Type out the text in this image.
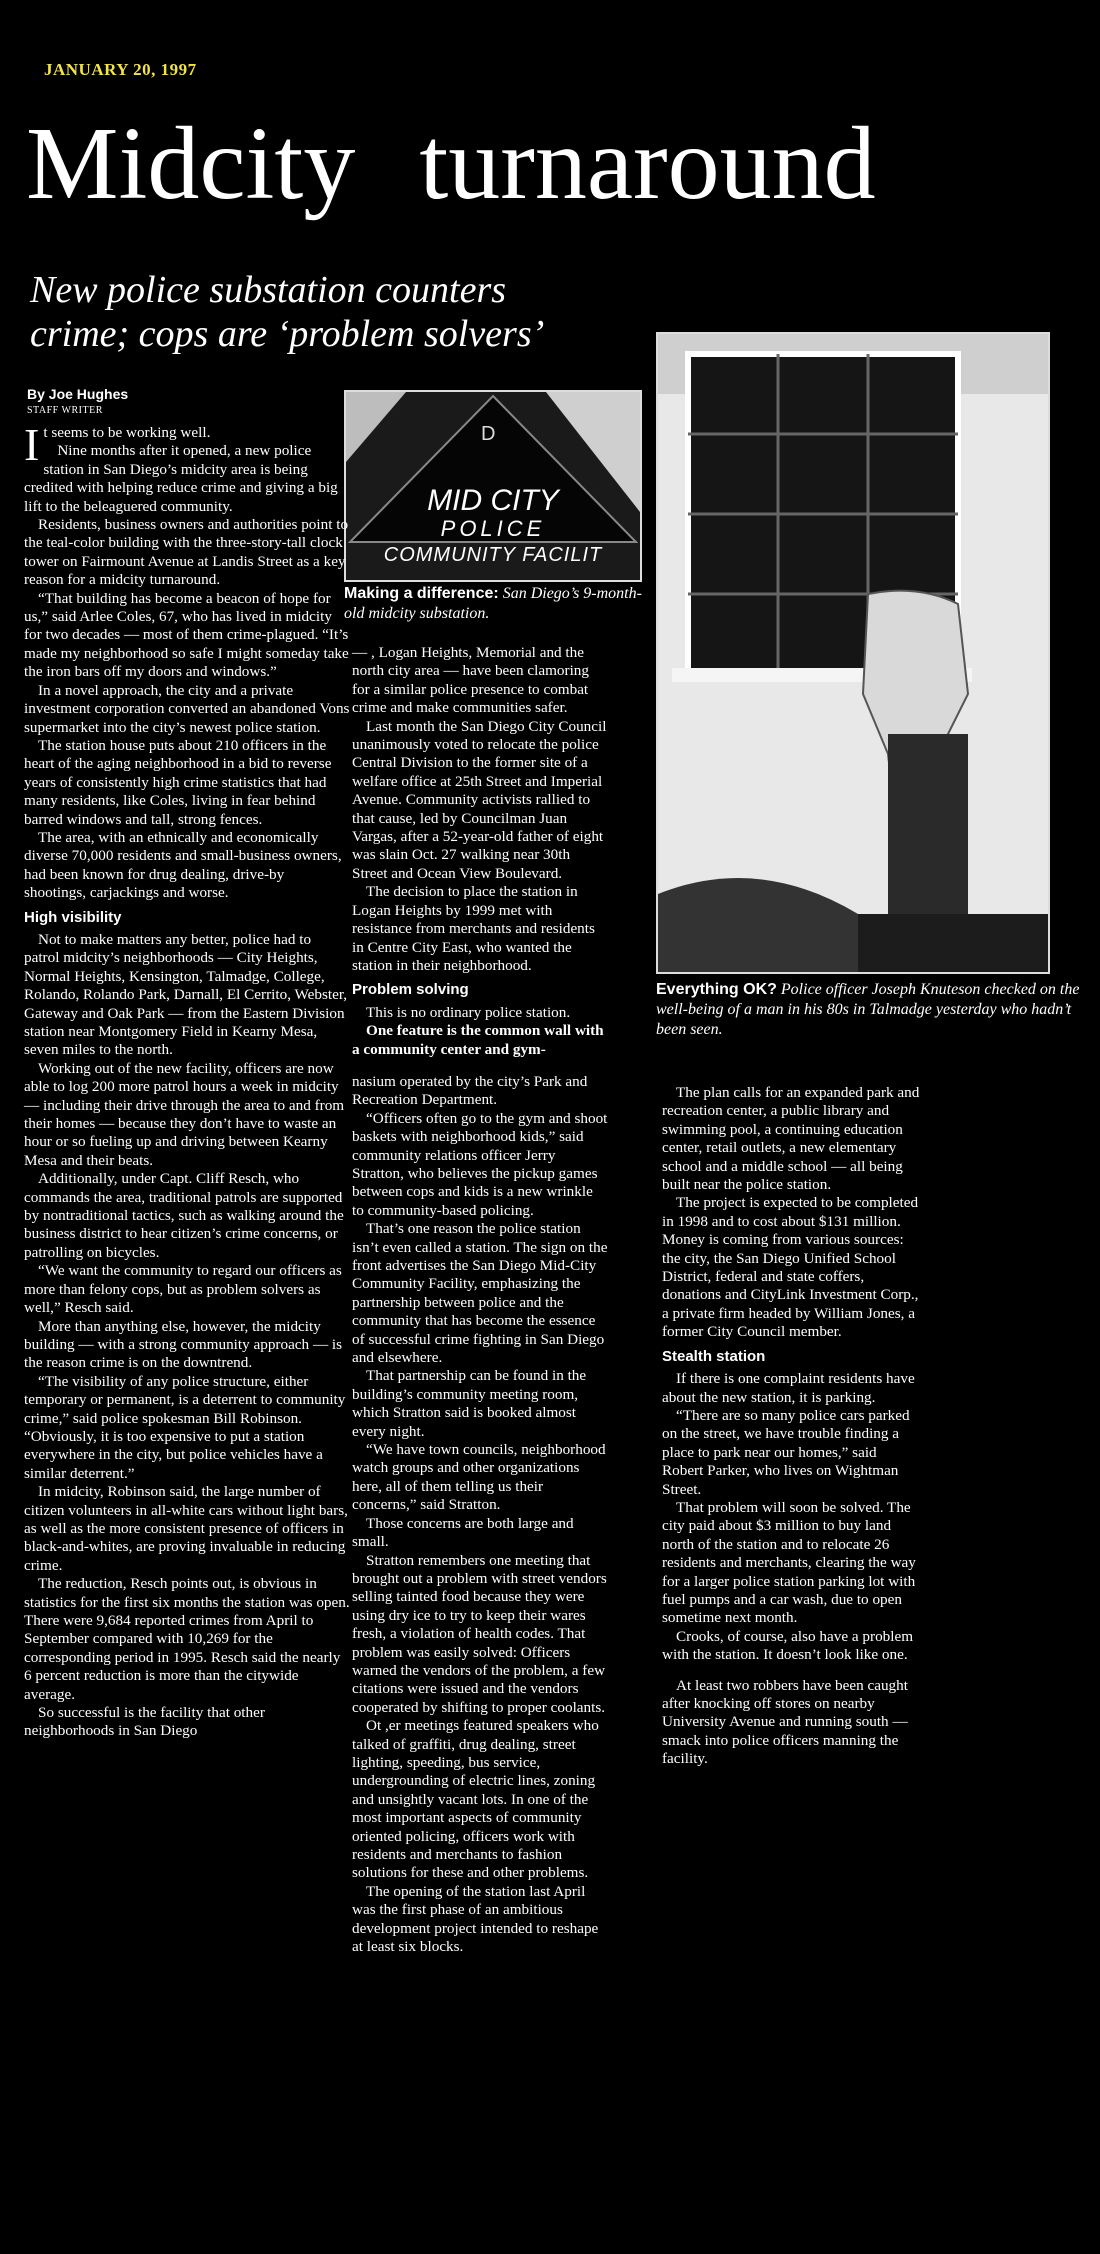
JANUARY 20, 1997
Midcity turnaround
New police substation counters
crime; cops are ‘problem solvers’
By Joe Hughes
STAFF WRITER
D
MID CITY
POLICE
COMMUNITY FACILIT
Making a difference: San Diego’s 9-month-old midcity substation.
Everything OK? Police officer Joseph Knuteson checked on the well-being of a man in his 80s in Talmadge yesterday who hadn’t been seen.

It seems to be working well.

Nine months after it opened, a new police station in San Diego’s midcity area is being credited with helping reduce crime and giving a big lift to the beleaguered community.

Residents, business owners and authorities point to the teal-color building with the three-story-tall clock tower on Fairmount Avenue at Landis Street as a key reason for a midcity turnaround.

“That building has become a beacon of hope for us,” said Arlee Coles, 67, who has lived in midcity for two decades — most of them crime-plagued. “It’s made my neighborhood so safe I might someday take the iron bars off my doors and windows.”

In a novel approach, the city and a private investment corporation converted an abandoned Vons supermarket into the city’s newest police station.

The station house puts about 210 officers in the heart of the aging neighborhood in a bid to reverse years of consistently high crime statistics that had many residents, like Coles, living in fear behind barred windows and tall, strong fences.

The area, with an ethnically and economically diverse 70,000 residents and small-business owners, had been known for drug dealing, drive-by shootings, carjackings and worse.

High visibility

Not to make matters any better, police had to patrol midcity’s neighborhoods — City Heights, Normal Heights, Kensington, Talmadge, College, Rolando, Rolando Park, Darnall, El Cerrito, Webster, Gateway and Oak Park — from the Eastern Division station near Montgomery Field in Kearny Mesa, seven miles to the north.

Working out of the new facility, officers are now able to log 200 more patrol hours a week in midcity — including their drive through the area to and from their homes — because they don’t have to waste an hour or so fueling up and driving between Kearny Mesa and their beats.

Additionally, under Capt. Cliff Resch, who commands the area, traditional patrols are supported by nontraditional tactics, such as walking around the business district to hear citizen’s crime concerns, or patrolling on bicycles.

“We want the community to regard our officers as more than felony cops, but as problem solvers as well,” Resch said.

More than anything else, however, the midcity building — with a strong community approach — is the reason crime is on the downtrend.

“The visibility of any police structure, either temporary or permanent, is a deterrent to community crime,” said police spokesman Bill Robinson. “Obviously, it is too expensive to put a station everywhere in the city, but police vehicles have a similar deterrent.”

In midcity, Robinson said, the large number of citizen volunteers in all-white cars without light bars, as well as the more consistent presence of officers in black-and-whites, are proving invaluable in reducing crime.

The reduction, Resch points out, is obvious in statistics for the first six months the station was open. There were 9,684 reported crimes from April to September compared with 10,269 for the corresponding period in 1995. Resch said the nearly 6 percent reduction is more than the citywide average.

So successful is the facility that other neighborhoods in San Diego

— , Logan Heights, Memorial and the north city area — have been clamoring for a similar police presence to combat crime and make communities safer.

Last month the San Diego City Council unanimously voted to relocate the police Central Division to the former site of a welfare office at 25th Street and Imperial Avenue. Community activists rallied to that cause, led by Councilman Juan Vargas, after a 52-year-old father of eight was slain Oct. 27 walking near 30th Street and Ocean View Boulevard.

The decision to place the station in Logan Heights by 1999 met with resistance from merchants and residents in Centre City East, who wanted the station in their neighborhood.

Problem solving

This is no ordinary police station.

One feature is the common wall with a community center and gym-

nasium operated by the city’s Park and Recreation Department.

“Officers often go to the gym and shoot baskets with neighborhood kids,” said community relations officer Jerry Stratton, who believes the pickup games between cops and kids is a new wrinkle to community-based policing.

That’s one reason the police station isn’t even called a station. The sign on the front advertises the San Diego Mid-City Community Facility, emphasizing the partnership between police and the community that has become the essence of successful crime fighting in San Diego and elsewhere.

That partnership can be found in the building’s community meeting room, which Stratton said is booked almost every night.

“We have town councils, neighborhood watch groups and other organizations here, all of them telling us their concerns,” said Stratton.

Those concerns are both large and small.

Stratton remembers one meeting that brought out a problem with street vendors selling tainted food because they were using dry ice to try to keep their wares fresh, a violation of health codes. That problem was easily solved: Officers warned the vendors of the problem, a few citations were issued and the vendors cooperated by shifting to proper coolants.

Ot ,er meetings featured speakers who talked of graffiti, drug dealing, street lighting, speeding, bus service, undergrounding of electric lines, zoning and unsightly vacant lots. In one of the most important aspects of community oriented policing, officers work with residents and merchants to fashion solutions for these and other problems.

The opening of the station last April was the first phase of an ambitious development project intended to reshape at least six blocks.

The plan calls for an expanded park and recreation center, a public library and swimming pool, a continuing education center, retail outlets, a new elementary school and a middle school — all being built near the police station.

The project is expected to be completed in 1998 and to cost about $131 million. Money is coming from various sources: the city, the San Diego Unified School District, federal and state coffers, donations and CityLink Investment Corp., a private firm headed by William Jones, a former City Council member.

Stealth station

If there is one complaint residents have about the new station, it is parking.

“There are so many police cars parked on the street, we have trouble finding a place to park near our homes,” said Robert Parker, who lives on Wightman Street.

That problem will soon be solved. The city paid about $3 million to buy land north of the station and to relocate 26 residents and merchants, clearing the way for a larger police station parking lot with fuel pumps and a car wash, due to open sometime next month.

Crooks, of course, also have a problem with the station. It doesn’t look like one.

At least two robbers have been caught after knocking off stores on nearby University Avenue and running south — smack into police officers manning the facility.
